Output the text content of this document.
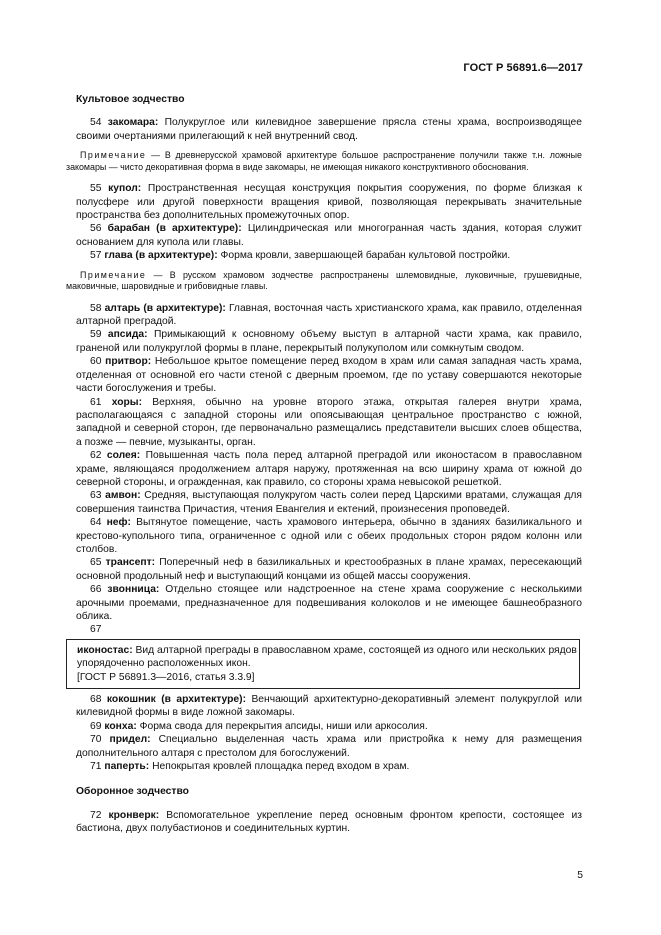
ГОСТ Р 56891.6—2017
Культовое зодчество

54 закомара: Полукруглое или килевидное завершение прясла стены храма, воспроизводящее своими очертаниями прилегающий к ней внутренний свод.

Примечание — В древнерусской храмовой архитектуре большое распространение получили также т.н. ложные закомары — чисто декоративная форма в виде закомары, не имеющая никакого конструктивного обоснования.

55 купол: Пространственная несущая конструкция покрытия сооружения, по форме близкая к полусфере или другой поверхности вращения кривой, позволяющая перекрывать значительные пространства без дополнительных промежуточных опор.

56 барабан (в архитектуре): Цилиндрическая или многогранная часть здания, которая служит основанием для купола или главы.

57 глава (в архитектуре): Форма кровли, завершающей барабан культовой постройки.

Примечание — В русском храмовом зодчестве распространены шлемовидные, луковичные, грушевидные, маковичные, шаровидные и грибовидные главы.

58 алтарь (в архитектуре): Главная, восточная часть христианского храма, как правило, отделенная алтарной преградой.

59 апсида: Примыкающий к основному объему выступ в алтарной части храма, как правило, граненой или полукруглой формы в плане, перекрытый полукуполом или сомкнутым сводом.

60 притвор: Небольшое крытое помещение перед входом в храм или самая западная часть храма, отделенная от основной его части стеной с дверным проемом, где по уставу совершаются некоторые части богослужения и требы.

61 хоры: Верхняя, обычно на уровне второго этажа, открытая галерея внутри храма, располагающаяся с западной стороны или опоясывающая центральное пространство с южной, западной и северной сторон, где первоначально размещались представители высших слоев общества, а позже — певчие, музыканты, орган.

62 солея: Повышенная часть пола перед алтарной преградой или иконостасом в православном храме, являющаяся продолжением алтаря наружу, протяженная на всю ширину храма от южной до северной стороны, и огражденная, как правило, со стороны храма невысокой решеткой.

63 амвон: Средняя, выступающая полукругом часть солеи перед Царскими вратами, служащая для совершения таинства Причастия, чтения Евангелия и ектений, произнесения проповедей.

64 неф: Вытянутое помещение, часть храмового интерьера, обычно в зданиях базиликального и крестово-купольного типа, ограниченное с одной или с обеих продольных сторон рядом колонн или столбов.

65 трансепт: Поперечный неф в базиликальных и крестообразных в плане храмах, пересекающий основной продольный неф и выступающий концами из общей массы сооружения.

66 звонница: Отдельно стоящее или надстроенное на стене храма сооружение с несколькими арочными проемами, предназначенное для подвешивания колоколов и не имеющее башнеобразного облика.

67

иконостас: Вид алтарной преграды в православном храме, состоящей из одного или нескольких рядов упорядоченно расположенных икон.

[ГОСТ Р 56891.3—2016, статья 3.3.9]

68 кокошник (в архитектуре): Венчающий архитектурно-декоративный элемент полукруглой или килевидной формы в виде ложной закомары.

69 конха: Форма свода для перекрытия апсиды, ниши или аркосолия.

70 придел: Специально выделенная часть храма или пристройка к нему для размещения дополнительного алтаря с престолом для богослужений.

71 паперть: Непокрытая кровлей площадка перед входом в храм.

Оборонное зодчество

72 кронверк: Вспомогательное укрепление перед основным фронтом крепости, состоящее из бастиона, двух полубастионов и соединительных куртин.

5
